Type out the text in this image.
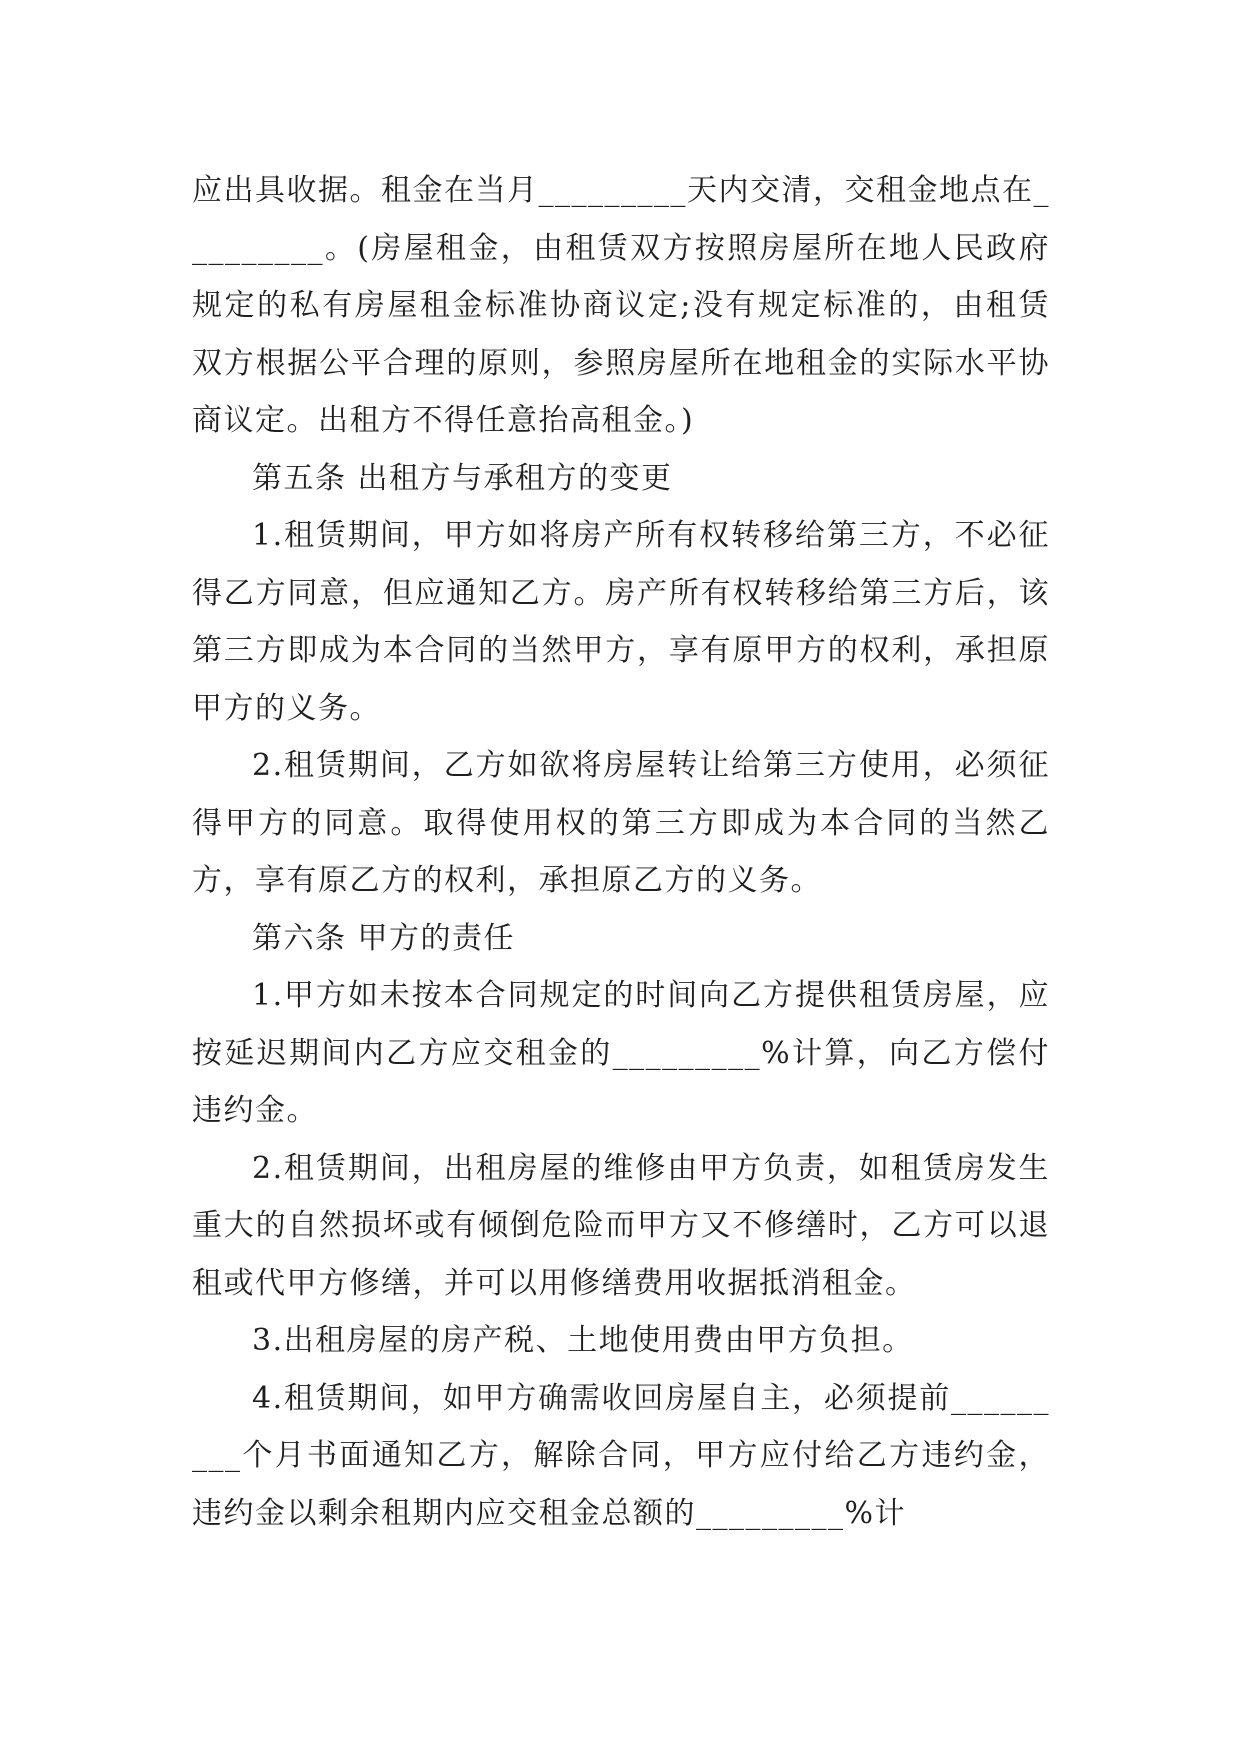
应出具收据。租金在当月_________天内交清，交租金地点在_________。(房屋租金，由租赁双方按照房屋所在地人民政府规定的私有房屋租金标准协商议定;没有规定标准的，由租赁双方根据公平合理的原则，参照房屋所在地租金的实际水平协商议定。出租方不得任意抬高租金。)

第五条 出租方与承租方的变更

1.租赁期间，甲方如将房产所有权转移给第三方，不必征得乙方同意，但应通知乙方。房产所有权转移给第三方后，该第三方即成为本合同的当然甲方，享有原甲方的权利，承担原甲方的义务。

2.租赁期间，乙方如欲将房屋转让给第三方使用，必须征得甲方的同意。取得使用权的第三方即成为本合同的当然乙方，享有原乙方的权利，承担原乙方的义务。

第六条 甲方的责任

1.甲方如未按本合同规定的时间向乙方提供租赁房屋，应按延迟期间内乙方应交租金的_________%计算，向乙方偿付违约金。

2.租赁期间，出租房屋的维修由甲方负责，如租赁房发生重大的自然损坏或有倾倒危险而甲方又不修缮时，乙方可以退租或代甲方修缮，并可以用修缮费用收据抵消租金。

3.出租房屋的房产税、土地使用费由甲方负担。

4.租赁期间，如甲方确需收回房屋自主，必须提前_________个月书面通知乙方，解除合同，甲方应付给乙方违约金，违约金以剩余租期内应交租金总额的_________%计
